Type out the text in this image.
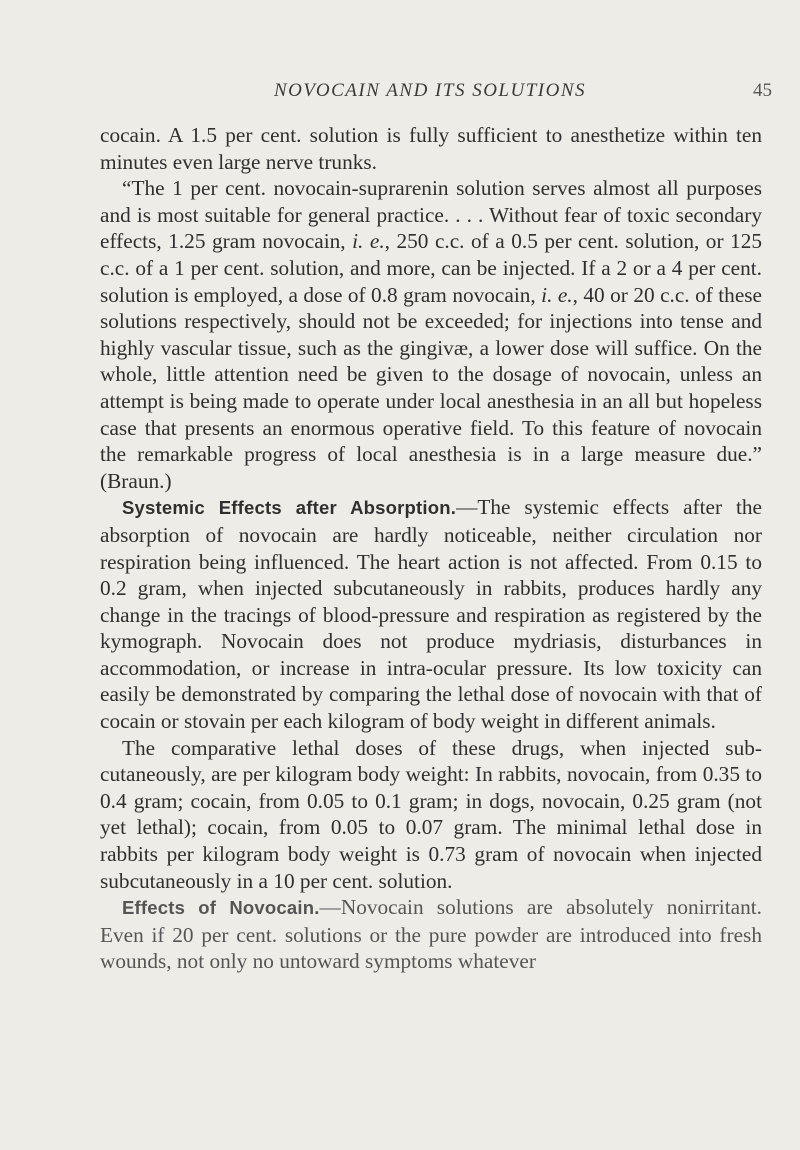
NOVOCAIN AND ITS SOLUTIONS	45

cocain. A 1.5 per cent. solution is fully sufficient to anesthetize within ten minutes even large nerve trunks.

“The 1 per cent. novocain-suprarenin solution serves almost all purposes and is most suitable for general practice. . . . Without fear of toxic secondary effects, 1.25 gram novocain, i. e., 250 c.c. of a 0.5 per cent. solution, or 125 c.c. of a 1 per cent. solution, and more, can be injected. If a 2 or a 4 per cent. solution is employed, a dose of 0.8 gram novocain, i. e., 40 or 20 c.c. of these solutions respectively, should not be exceeded; for injections into tense and highly vascular tissue, such as the gingivæ, a lower dose will suffice. On the whole, little attention need be given to the dosage of novocain, unless an attempt is being made to operate under local anesthesia in an all but hopeless case that presents an enormous operative field. To this feature of novocain the remarkable progress of local anesthesia is in a large measure due.” (Braun.)

Systemic Effects after Absorption.—The systemic effects after the absorption of novocain are hardly noticeable, neither circulation nor respiration being influenced. The heart action is not affected. From 0.15 to 0.2 gram, when injected subcutaneously in rabbits, produces hardly any change in the tracings of blood-pressure and respiration as registered by the kymograph. Novocain does not produce mydriasis, disturbances in accommodation, or increase in intra-ocular pressure. Its low toxicity can easily be demonstrated by comparing the lethal dose of novocain with that of cocain or stovain per each kilogram of body weight in different animals.

The comparative lethal doses of these drugs, when injected subcutaneously, are per kilogram body weight: In rabbits, novocain, from 0.35 to 0.4 gram; cocain, from 0.05 to 0.1 gram; in dogs, novocain, 0.25 gram (not yet lethal); cocain, from 0.05 to 0.07 gram. The minimal lethal dose in rabbits per kilogram body weight is 0.73 gram of novocain when injected subcutaneously in a 10 per cent. solution.

Effects of Novocain.—Novocain solutions are absolutely nonirritant. Even if 20 per cent. solutions or the pure powder are introduced into fresh wounds, not only no untoward symptoms whatever
